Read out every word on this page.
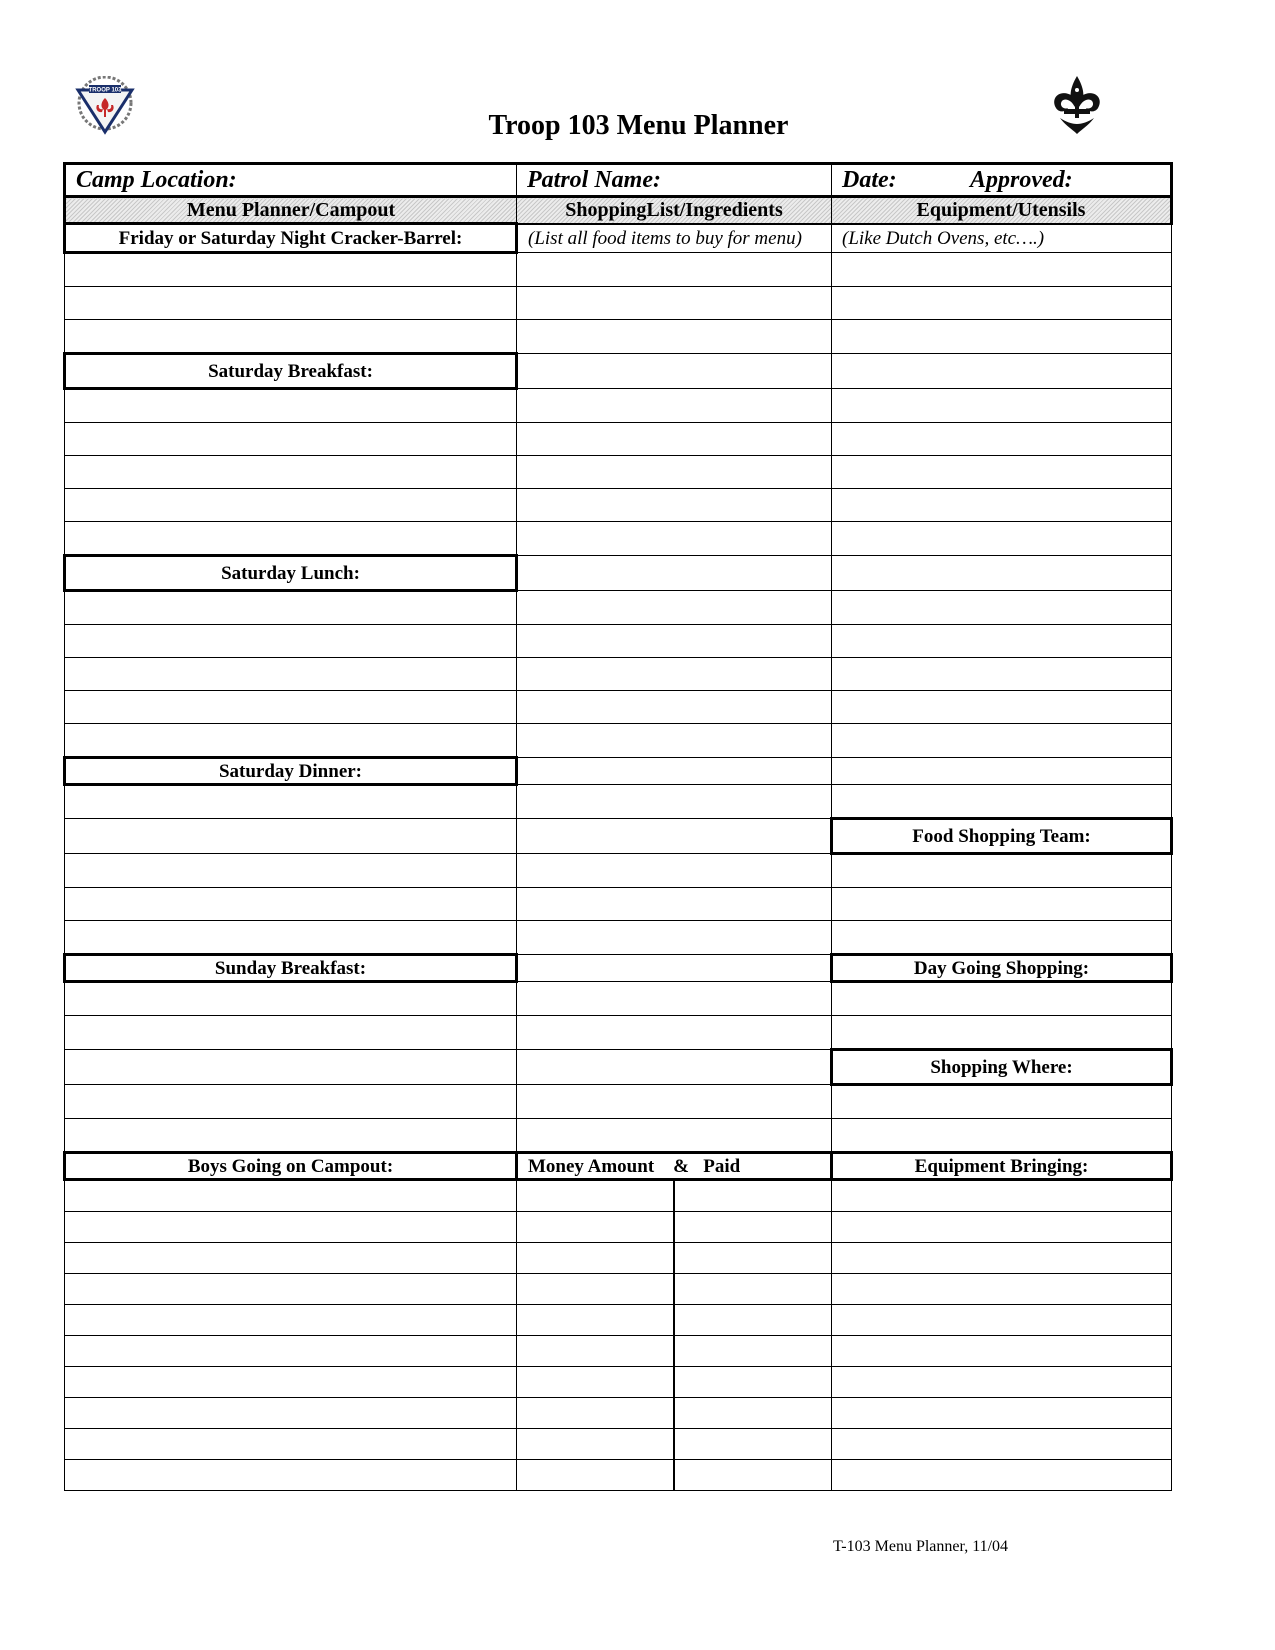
TROOP 103
Troop 103 Menu Planner
Camp Location:	Patrol Name:	Date: Approved:
Menu Planner/Campout	ShoppingList/Ingredients	Equipment/Utensils
Friday or Saturday Night Cracker-Barrel:	(List all food items to buy for menu)	(Like Dutch Ovens, etc….)

Saturday Breakfast:		

Saturday Lunch:		

Saturday Dinner:		

		Food Shopping Team:

Sunday Breakfast:		Day Going Shopping:

		Shopping Where:

Boys Going on Campout:	Money Amount & Paid	Equipment Bringing:

T-103 Menu Planner, 11/04
